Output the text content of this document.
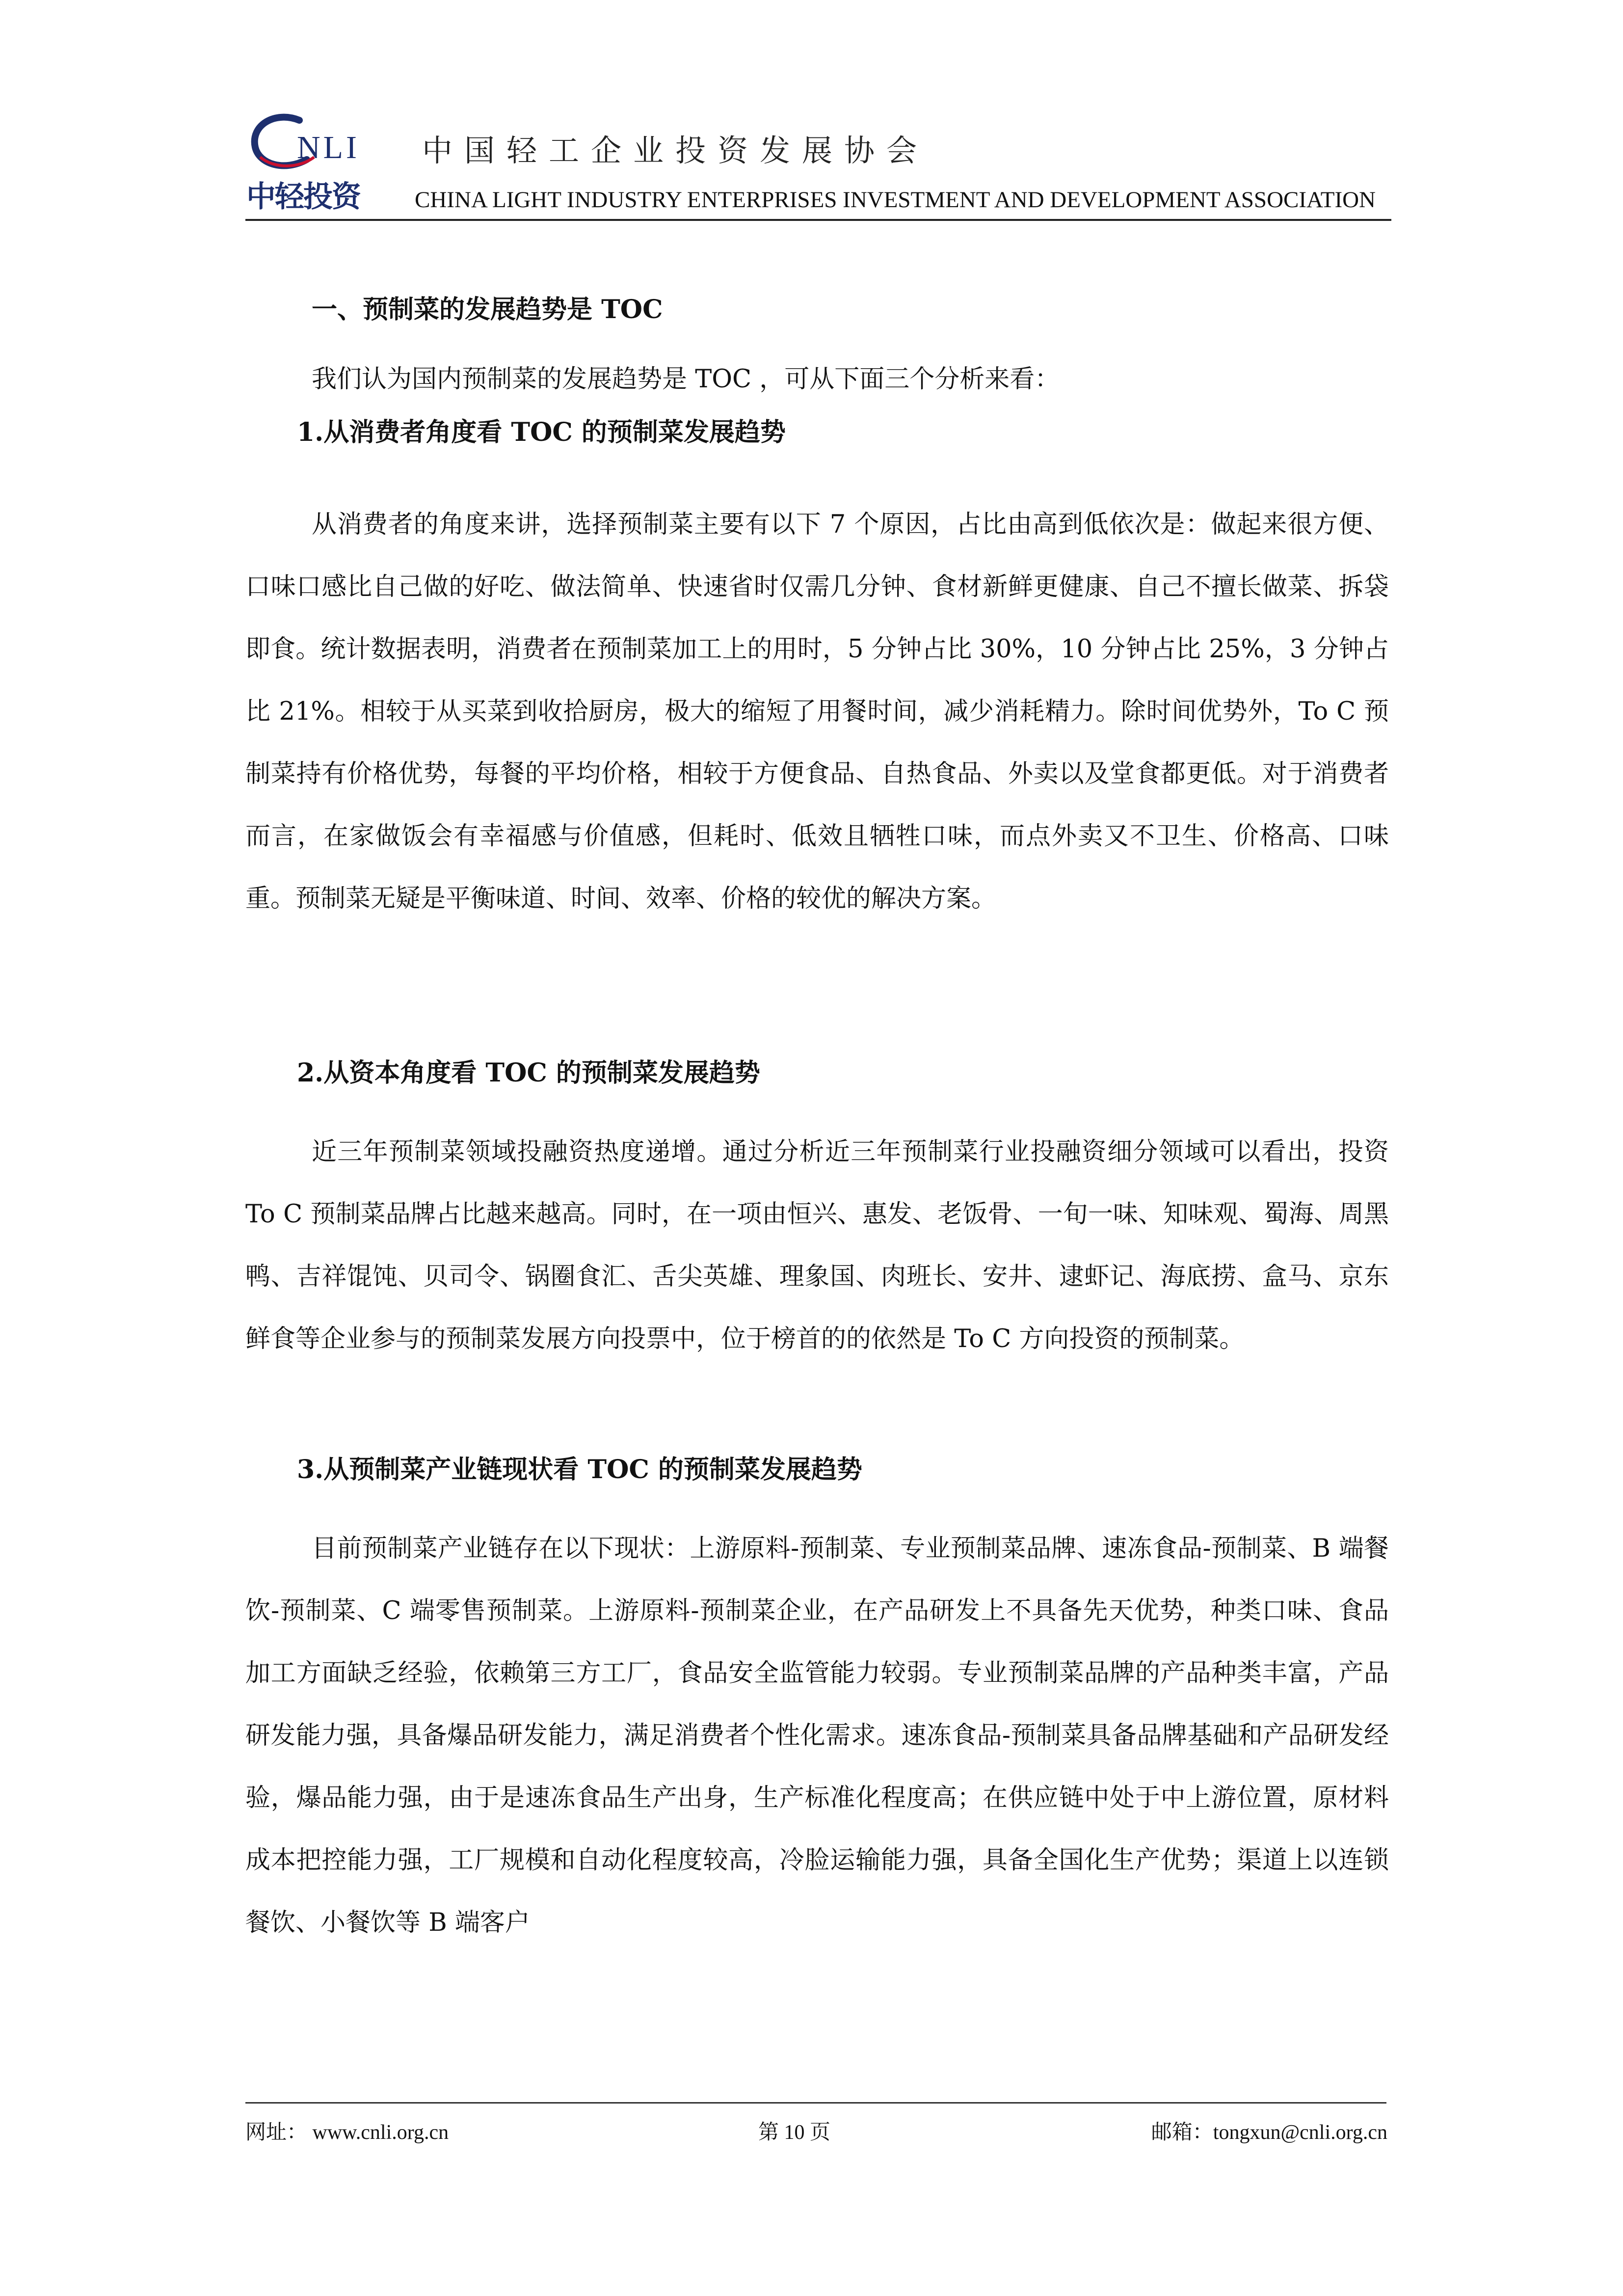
NLI
中轻投资
中国轻工企业投资发展协会
CHINA LIGHT INDUSTRY ENTERPRISES INVESTMENT AND DEVELOPMENT ASSOCIATION
一、预制菜的发展趋势是 TOC
我们认为国内预制菜的发展趋势是 TOC ，可从下面三个分析来看：
1.从消费者角度看 TOC 的预制菜发展趋势
从消费者的角度来讲，选择预制菜主要有以下 7 个原因，占比由高到低依次是：做起来很方便、口味口感比自己做的好吃、做法简单、快速省时仅需几分钟、食材新鲜更健康、自己不擅长做菜、拆袋即食。统计数据表明，消费者在预制菜加工上的用时，5 分钟占比 30%，10 分钟占比 25%，3 分钟占比 21%。相较于从买菜到收拾厨房，极大的缩短了用餐时间，减少消耗精力。除时间优势外，To C 预制菜持有价格优势，每餐的平均价格，相较于方便食品、自热食品、外卖以及堂食都更低。对于消费者而言，在家做饭会有幸福感与价值感，但耗时、低效且牺牲口味，而点外卖又不卫生、价格高、口味重。预制菜无疑是平衡味道、时间、效率、价格的较优的解决方案。
2.从资本角度看 TOC 的预制菜发展趋势
近三年预制菜领域投融资热度递增。通过分析近三年预制菜行业投融资细分领域可以看出，投资 To C 预制菜品牌占比越来越高。同时，在一项由恒兴、惠发、老饭骨、一旬一味、知味观、蜀海、周黑鸭、吉祥馄饨、贝司令、锅圈食汇、舌尖英雄、理象国、肉班长、安井、逮虾记、海底捞、盒马、京东鲜食等企业参与的预制菜发展方向投票中，位于榜首的的依然是 To C 方向投资的预制菜。
3.从预制菜产业链现状看 TOC 的预制菜发展趋势
目前预制菜产业链存在以下现状：上游原料-预制菜、专业预制菜品牌、速冻食品-预制菜、B 端餐饮-预制菜、C 端零售预制菜。上游原料-预制菜企业，在产品研发上不具备先天优势，种类口味、食品加工方面缺乏经验，依赖第三方工厂，食品安全监管能力较弱。专业预制菜品牌的产品种类丰富，产品研发能力强，具备爆品研发能力，满足消费者个性化需求。速冻食品-预制菜具备品牌基础和产品研发经验，爆品能力强，由于是速冻食品生产出身，生产标准化程度高；在供应链中处于中上游位置，原材料成本把控能力强，工厂规模和自动化程度较高，冷脸运输能力强，具备全国化生产优势；渠道上以连锁餐饮、小餐饮等 B 端客户
网址： www.cnli.org.cn	第 10 页	邮箱：tongxun@cnli.org.cn
